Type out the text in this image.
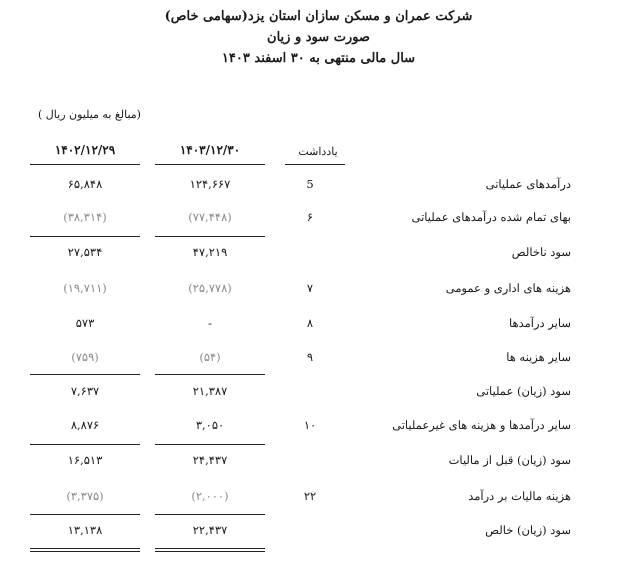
شرکت عمران و مسکن سازان استان یزد(سهامی خاص)
صورت سود و زیان
سال مالی منتهی به ۳۰ اسفند ۱۴۰۳
(مبالغ به میلیون ریال )
۱۴۰۲/۱۲/۲۹	۱۴۰۳/۱۲/۳۰	یادداشت
درآمدهای عملیاتی
5
۱۲۴,۶۶۷
۶۵,۸۴۸
بهای تمام شده درآمدهای عملیاتی
۶
(۷۷,۴۴۸)
(۳۸,۳۱۴)
سود ناخالص
۴۷,۲۱۹
۲۷,۵۳۴
هزینه های اداری و عمومی
۷
(۲۵,۷۷۸)
(۱۹,۷۱۱)
سایر درآمدها
۸
-
۵۷۳
سایر هزینه ها
۹
(۵۴)
(۷۵۹)
سود (زیان) عملیاتی
۲۱,۳۸۷
۷,۶۳۷
سایر درآمدها و هزینه های غیرعملیاتی
۱۰
۳,۰۵۰
۸,۸۷۶
سود (زیان) قبل از مالیات
۲۴,۴۳۷
۱۶,۵۱۳
هزینه مالیات بر درآمد
۲۲
(۲,۰۰۰)
(۳,۳۷۵)
سود (زیان) خالص
۲۲,۴۳۷
۱۳,۱۳۸
